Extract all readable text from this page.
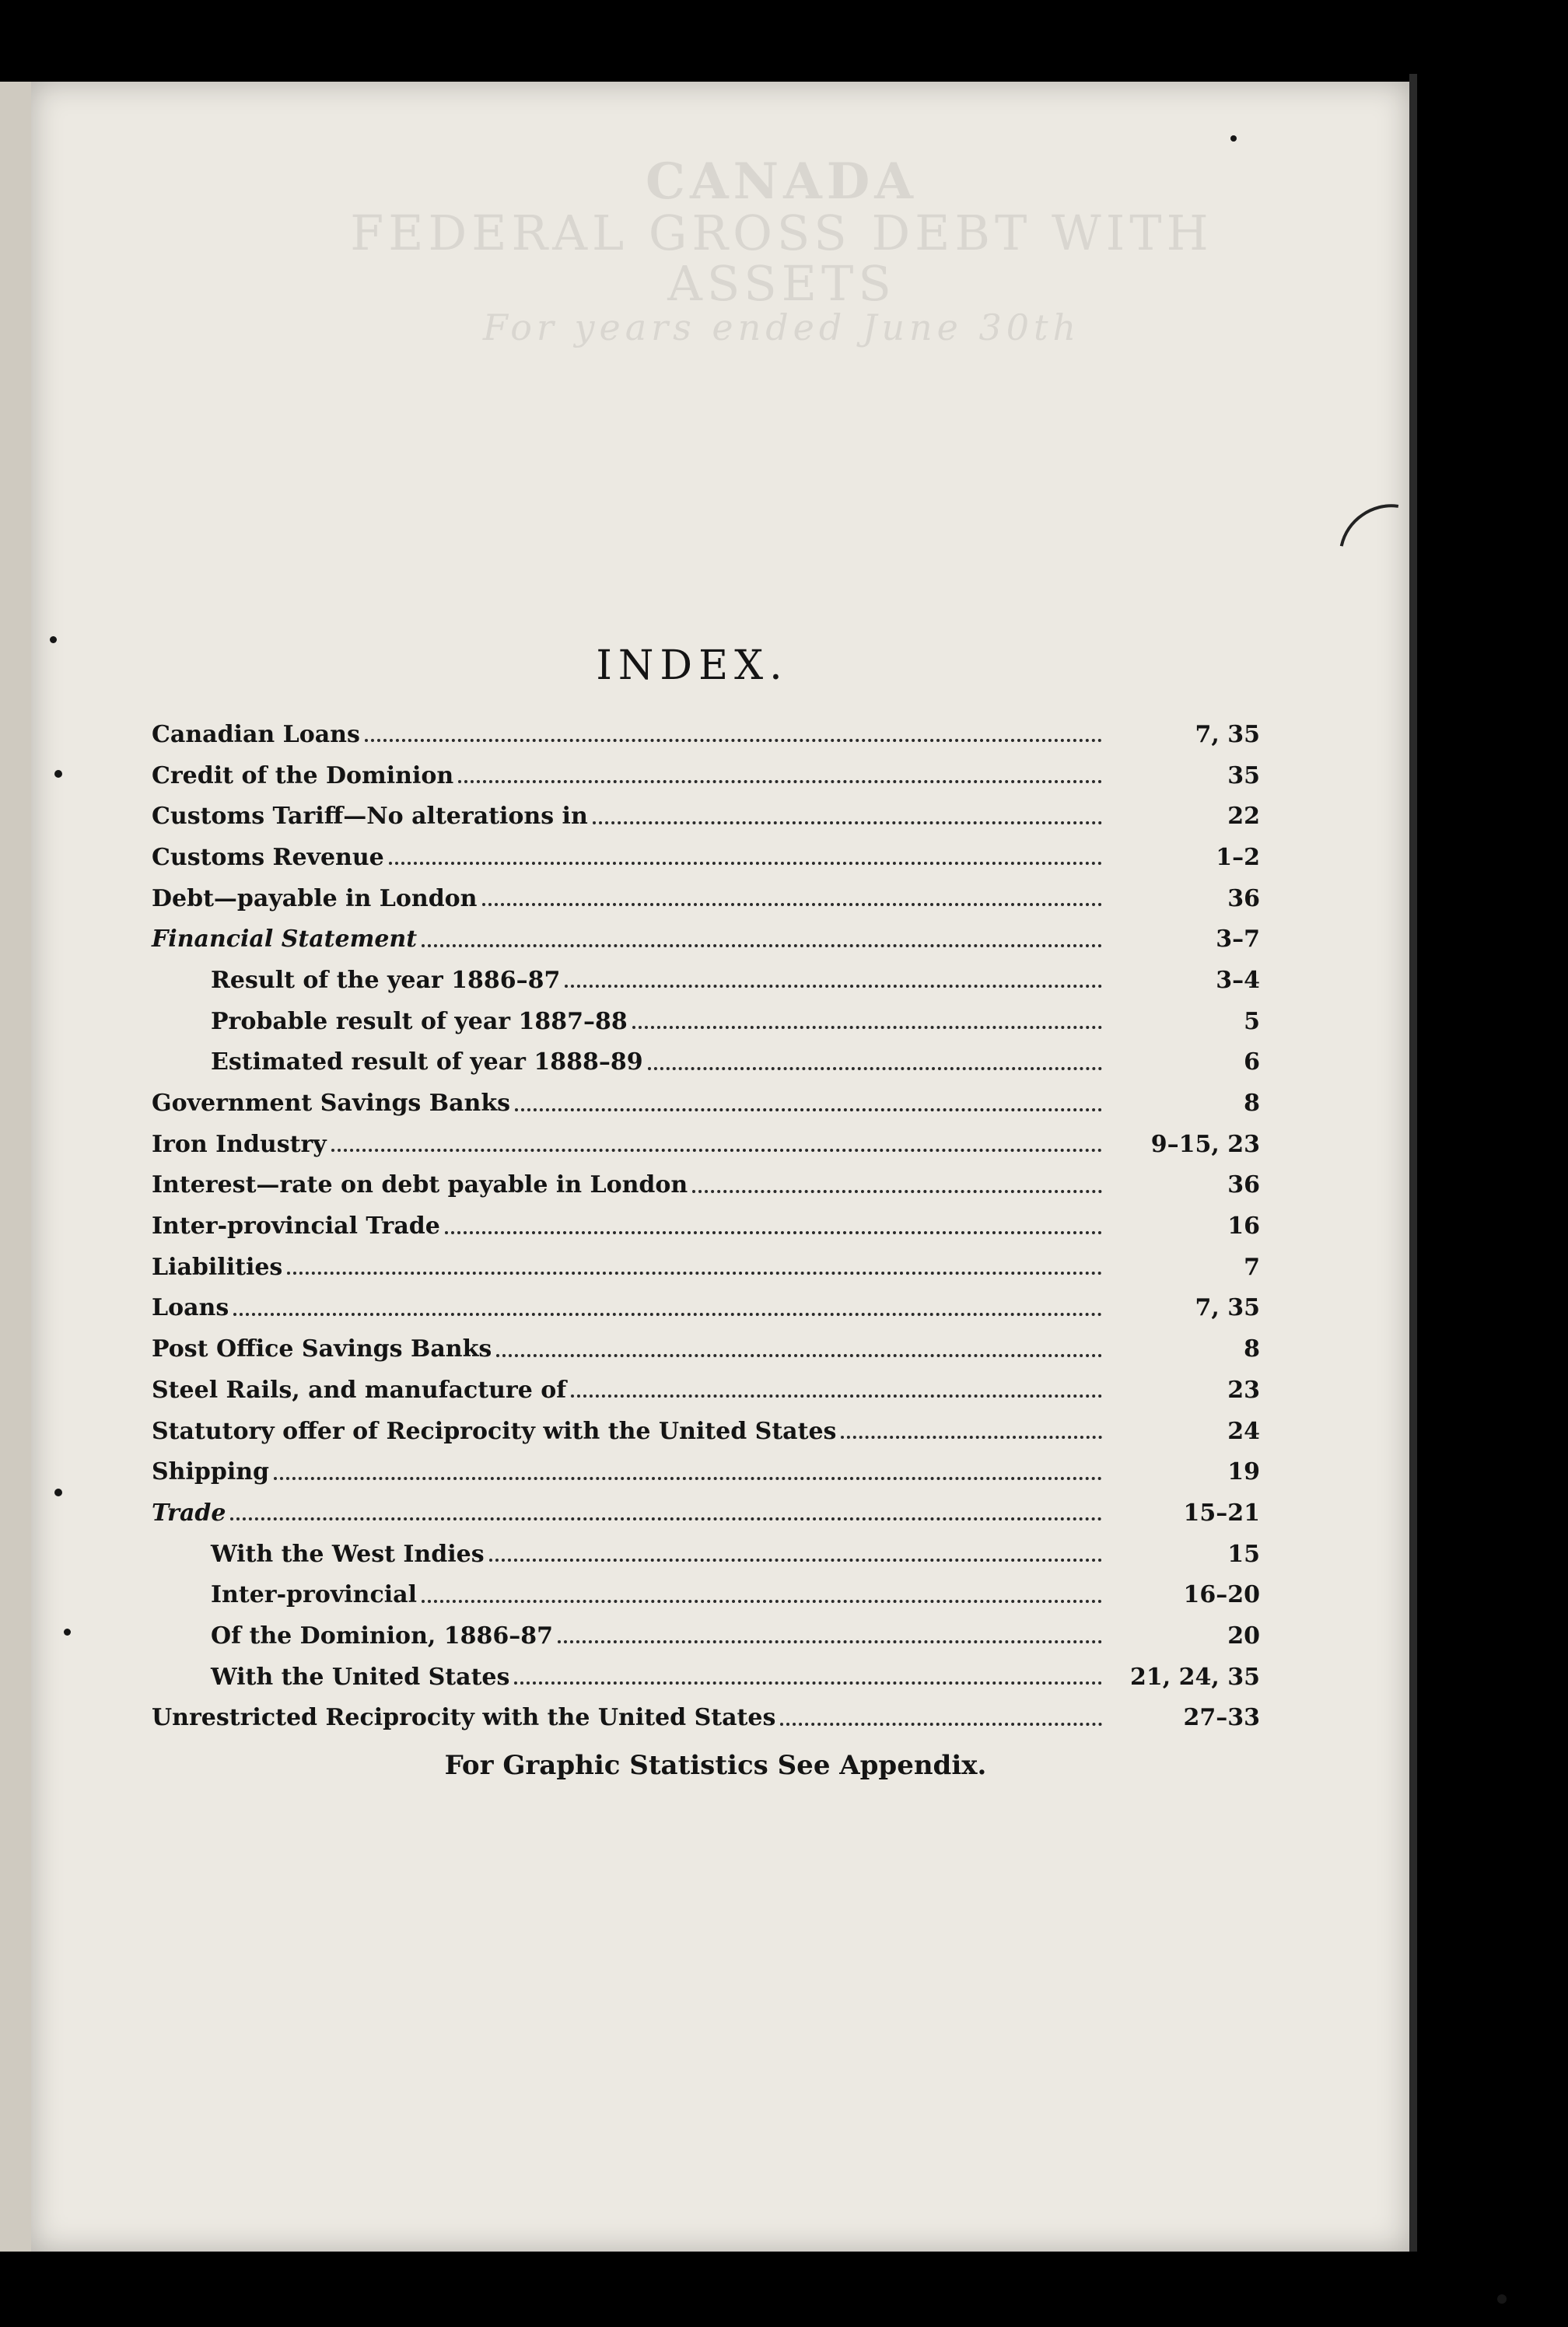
CANADA
FEDERAL GROSS DEBT WITH ASSETS
For years ended June 30th
INDEX.
Canadian Loans	7, 35
Credit of the Dominion	35
Customs Tariff—No alterations in	22
Customs Revenue	1–2
Debt—payable in London	36
Financial Statement	3–7
Result of the year 1886–87	3–4
Probable result of year 1887–88	5
Estimated result of year 1888–89	6
Government Savings Banks	8
Iron Industry	9–15, 23
Interest—rate on debt payable in London	36
Inter-provincial Trade	16
Liabilities	7
Loans	7, 35
Post Office Savings Banks	8
Steel Rails, and manufacture of	23
Statutory offer of Reciprocity with the United States	24
Shipping	19
Trade	15–21
With the West Indies	15
Inter-provincial	16–20
Of the Dominion, 1886–87	20
With the United States	21, 24, 35
Unrestricted Reciprocity with the United States	27–33
For Graphic Statistics See Appendix.
